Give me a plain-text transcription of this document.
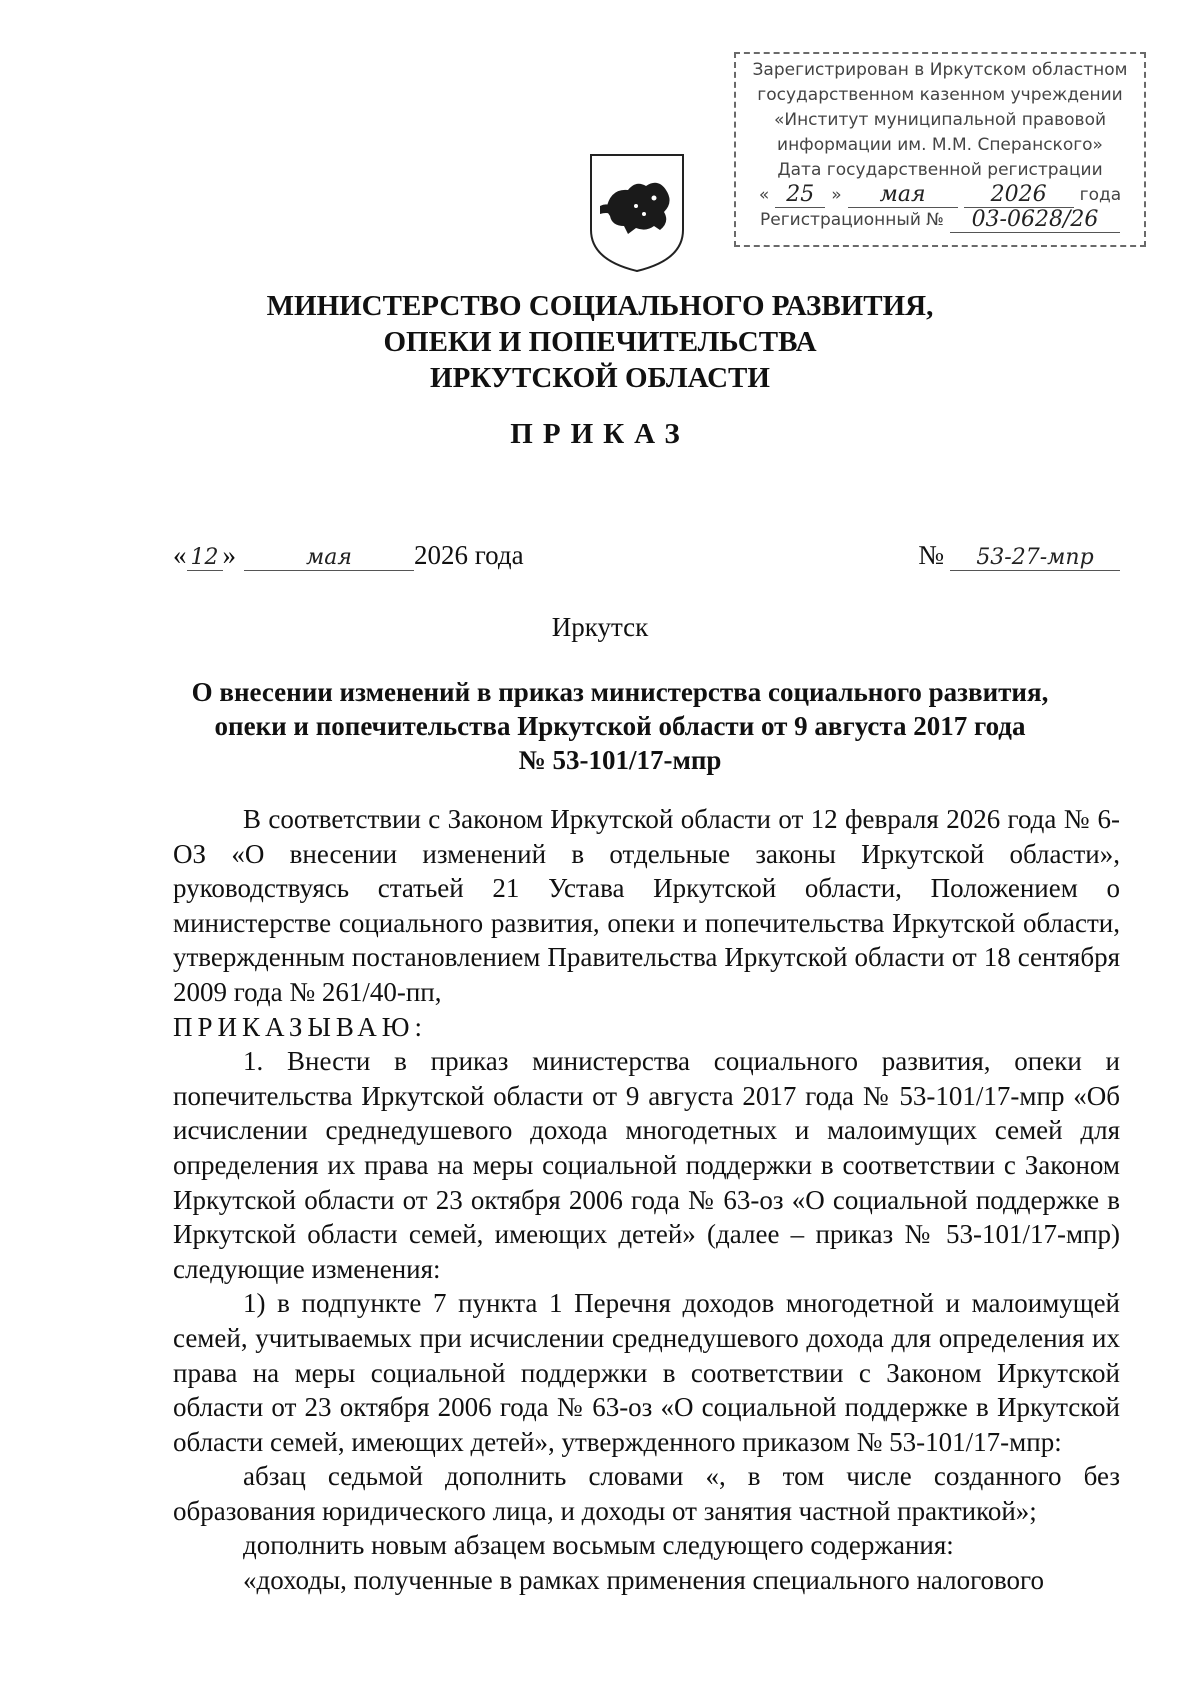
Зарегистрирован в Иркутском областном
государственном казенном учреждении
«Институт муниципальной правовой
информации им. М.М. Сперанского»
Дата государственной регистрации
« 25	»	мая	2026	года
Регистрационный №	03-0628/26
МИНИСТЕРСТВО СОЦИАЛЬНОГО РАЗВИТИЯ,
ОПЕКИ И ПОПЕЧИТЕЛЬСТВА
ИРКУТСКОЙ ОБЛАСТИ
ПРИКАЗ
« 12 »	мая	2026 года	№	53-27-мпр
Иркутск
О внесении изменений в приказ министерства социального развития,
опеки и попечительства Иркутской области от 9 августа 2017 года
№ 53-101/17-мпр

В соответствии с Законом Иркутской области от 12 февраля 2026 года № 6-ОЗ «О внесении изменений в отдельные законы Иркутской области», руководствуясь статьей 21 Устава Иркутской области, Положением о министерстве социального развития, опеки и попечительства Иркутской области, утвержденным постановлением Правительства Иркутской области от 18 сентября 2009 года № 261/40-пп,

ПРИКАЗЫВАЮ:

1. Внести в приказ министерства социального развития, опеки и попечительства Иркутской области от 9 августа 2017 года № 53-101/17-мпр «Об исчислении среднедушевого дохода многодетных и малоимущих семей для определения их права на меры социальной поддержки в соответствии с Законом Иркутской области от 23 октября 2006 года № 63-оз «О социальной поддержке в Иркутской области семей, имеющих детей» (далее – приказ № 53-101/17-мпр) следующие изменения:

1) в подпункте 7 пункта 1 Перечня доходов многодетной и малоимущей семей, учитываемых при исчислении среднедушевого дохода для определения их права на меры социальной поддержки в соответствии с Законом Иркутской области от 23 октября 2006 года № 63-оз «О социальной поддержке в Иркутской области семей, имеющих детей», утвержденного приказом № 53-101/17-мпр:

абзац седьмой дополнить словами «, в том числе созданного без образования юридического лица, и доходы от занятия частной практикой»;

дополнить новым абзацем восьмым следующего содержания:

«доходы, полученные в рамках применения специального налогового
